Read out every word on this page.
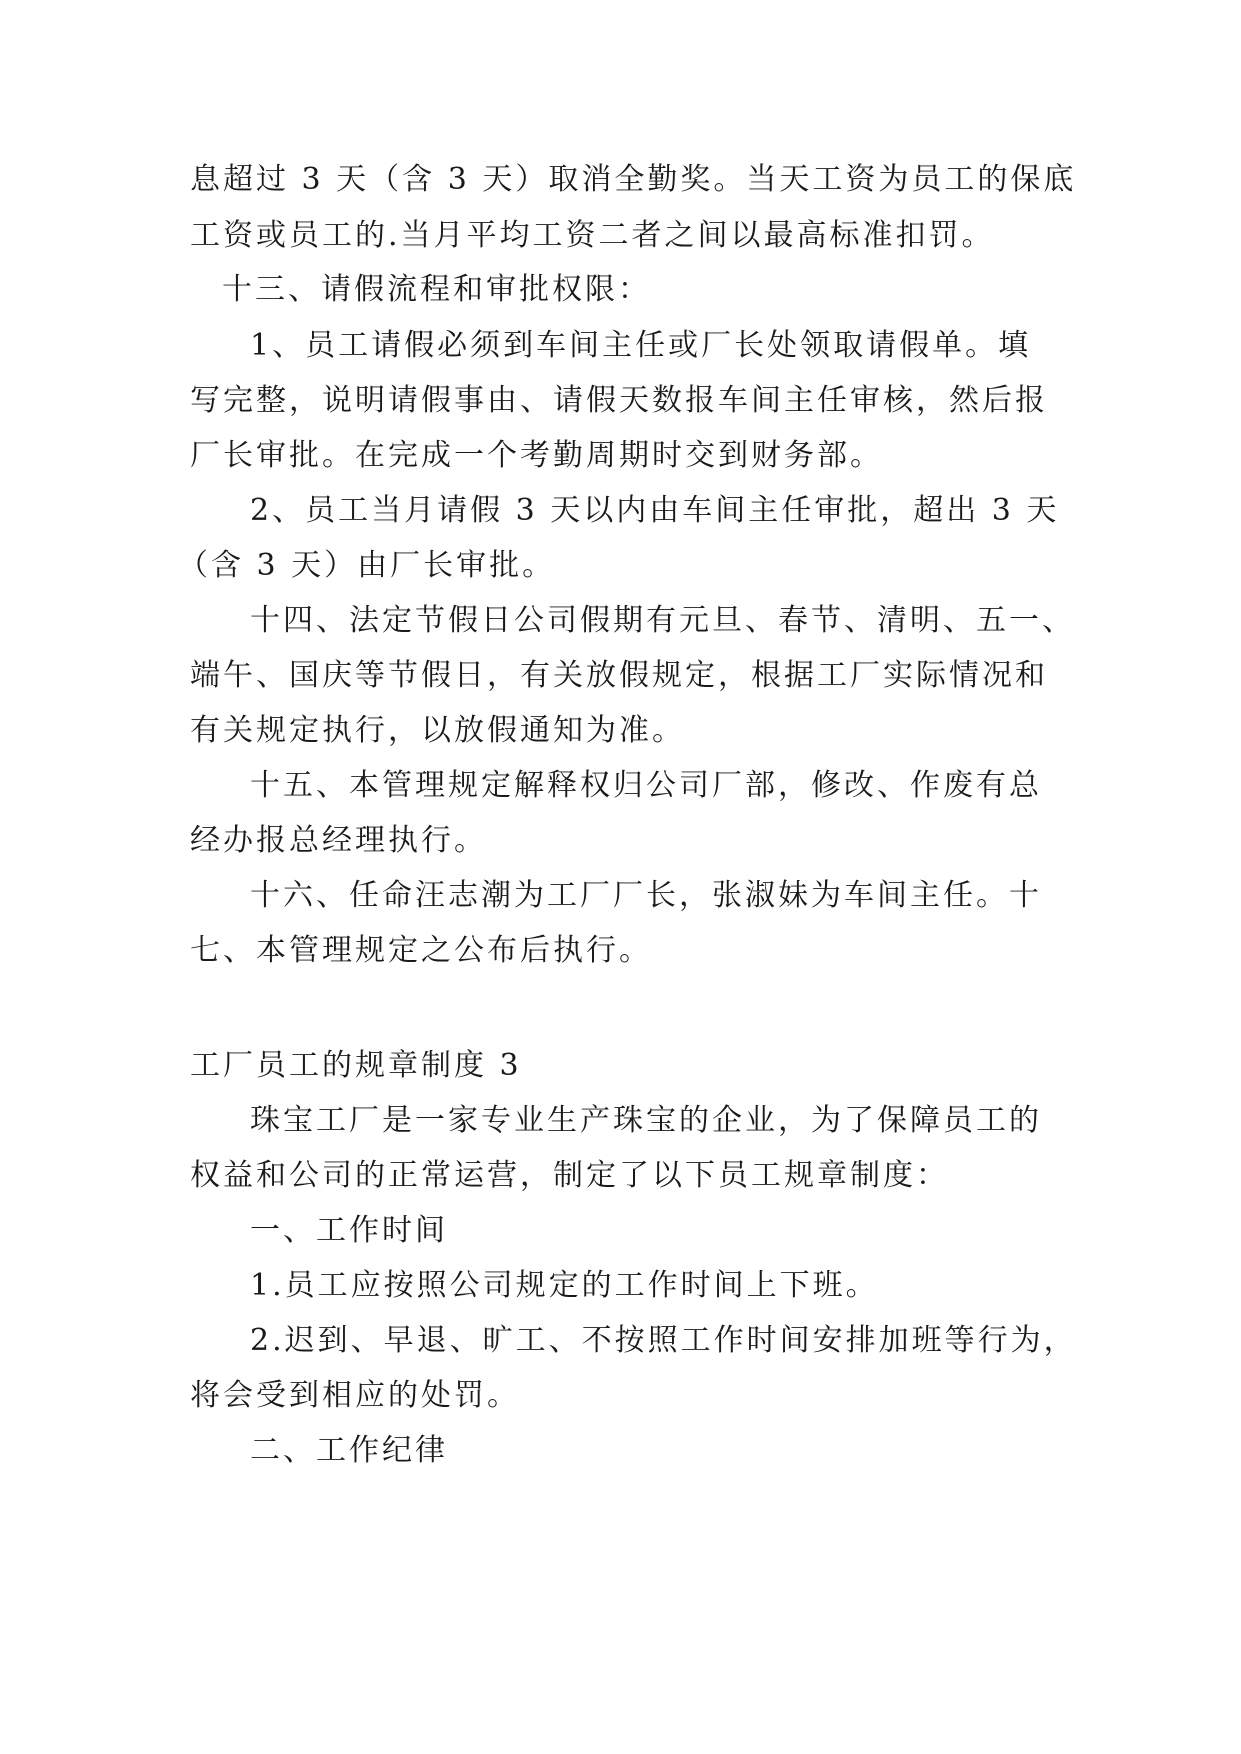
息超过 3 天（含 3 天）取消全勤奖。当天工资为员工的保底

工资或员工的.当月平均工资二者之间以最高标准扣罚。

十三、请假流程和审批权限：

1、员工请假必须到车间主任或厂长处领取请假单。填

写完整，说明请假事由、请假天数报车间主任审核，然后报

厂长审批。在完成一个考勤周期时交到财务部。

2、员工当月请假 3 天以内由车间主任审批，超出 3 天

（含 3 天）由厂长审批。

十四、法定节假日公司假期有元旦、春节、清明、五一、

端午、国庆等节假日，有关放假规定，根据工厂实际情况和

有关规定执行，以放假通知为准。

十五、本管理规定解释权归公司厂部，修改、作废有总

经办报总经理执行。

十六、任命汪志潮为工厂厂长，张淑妹为车间主任。十

七、本管理规定之公布后执行。

工厂员工的规章制度 3

珠宝工厂是一家专业生产珠宝的企业，为了保障员工的

权益和公司的正常运营，制定了以下员工规章制度：

一、工作时间

1.员工应按照公司规定的工作时间上下班。

2.迟到、早退、旷工、不按照工作时间安排加班等行为，

将会受到相应的处罚。

二、工作纪律
